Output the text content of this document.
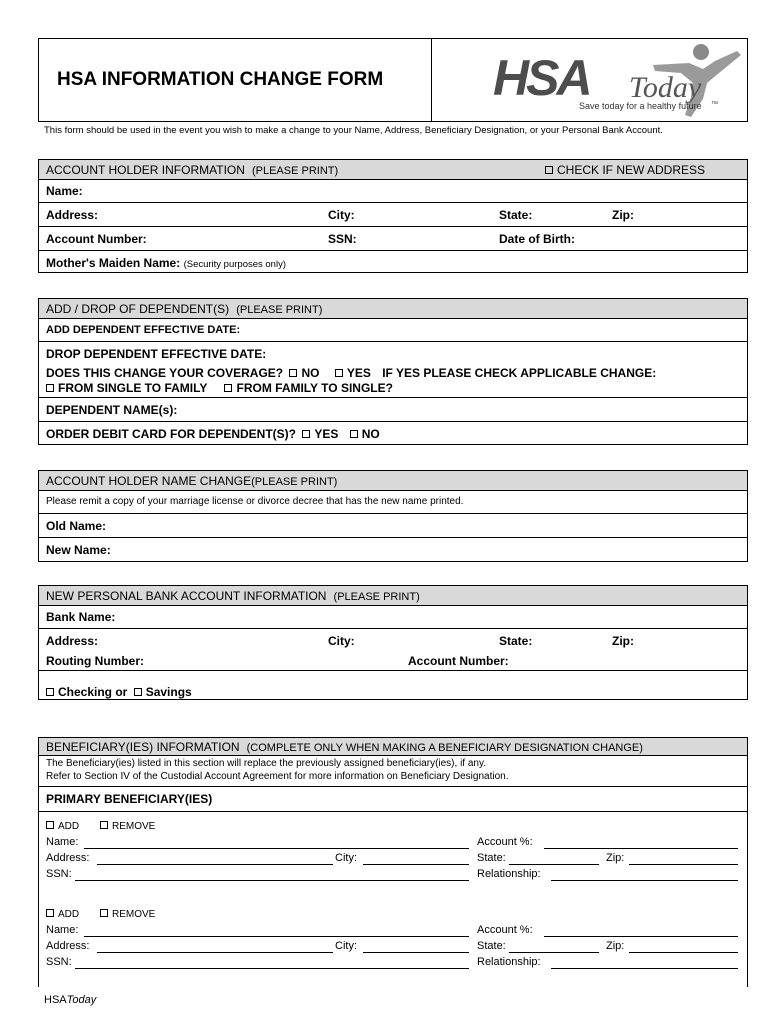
HSA INFORMATION CHANGE FORM HSA Today
Save today for a healthy future ™
This form should be used in the event you wish to make a change to your Name, Address, Beneficiary Designation, or your Personal Bank Account.
ACCOUNT HOLDER INFORMATION (PLEASE PRINT)	CHECK IF NEW ADDRESS
Name:
Address:	City:	State:	Zip:
Account Number:	SSN:	Date of Birth:
Mother's Maiden Name: (Security purposes only)
ADD / DROP OF DEPENDENT(S) (PLEASE PRINT)
ADD DEPENDENT EFFECTIVE DATE:
DROP DEPENDENT EFFECTIVE DATE:
DOES THIS CHANGE YOUR COVERAGE? NO YES IF YES PLEASE CHECK APPLICABLE CHANGE:
FROM SINGLE TO FAMILY FROM FAMILY TO SINGLE?
DEPENDENT NAME(s):
ORDER DEBIT CARD FOR DEPENDENT(S)? YES NO
ACCOUNT HOLDER NAME CHANGE(PLEASE PRINT)
Please remit a copy of your marriage license or divorce decree that has the new name printed.
Old Name:
New Name:
NEW PERSONAL BANK ACCOUNT INFORMATION (PLEASE PRINT)
Bank Name:
Address:	City:	State:	Zip:
Routing Number:	Account Number:
Checking or Savings
BENEFICIARY(IES) INFORMATION (COMPLETE ONLY WHEN MAKING A BENEFICIARY DESIGNATION CHANGE)
The Beneficiary(ies) listed in this section will replace the previously assigned beneficiary(ies), if any.
Refer to Section IV of the Custodial Account Agreement for more information on Beneficiary Designation.
PRIMARY BENEFICIARY(IES)
ADD	REMOVE
Name:	Account %:
Address:	City:	State:	Zip:
SSN:	Relationship:
ADD	REMOVE
Name:	Account %:
Address:	City:	State:	Zip:
SSN:	Relationship:
HSAToday
